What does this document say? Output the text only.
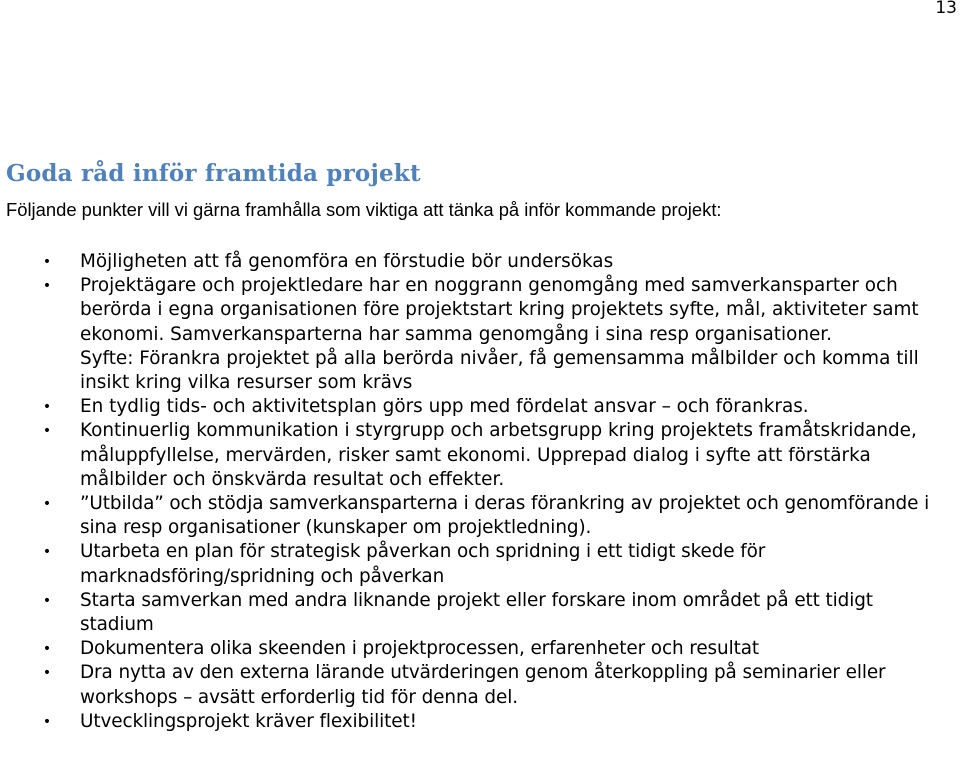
13
Goda råd inför framtida projekt

Följande punkter vill vi gärna framhålla som viktiga att tänka på inför kommande projekt:

• Möjligheten att få genomföra en förstudie bör undersökas
• Projektägare och projektledare har en noggrann genomgång med samverkansparter och
berörda i egna organisationen före projektstart kring projektets syfte, mål, aktiviteter samt
ekonomi. Samverkansparterna har samma genomgång i sina resp organisationer.
Syfte: Förankra projektet på alla berörda nivåer, få gemensamma målbilder och komma till
insikt kring vilka resurser som krävs
• En tydlig tids- och aktivitetsplan görs upp med fördelat ansvar – och förankras.
• Kontinuerlig kommunikation i styrgrupp och arbetsgrupp kring projektets framåtskridande,
måluppfyllelse, mervärden, risker samt ekonomi. Upprepad dialog i syfte att förstärka
målbilder och önskvärda resultat och effekter.
• ”Utbilda” och stödja samverkansparterna i deras förankring av projektet och genomförande i
sina resp organisationer (kunskaper om projektledning).
• Utarbeta en plan för strategisk påverkan och spridning i ett tidigt skede för
marknadsföring/spridning och påverkan
• Starta samverkan med andra liknande projekt eller forskare inom området på ett tidigt
stadium
• Dokumentera olika skeenden i projektprocessen, erfarenheter och resultat
• Dra nytta av den externa lärande utvärderingen genom återkoppling på seminarier eller
workshops – avsätt erforderlig tid för denna del.
• Utvecklingsprojekt kräver flexibilitet!
